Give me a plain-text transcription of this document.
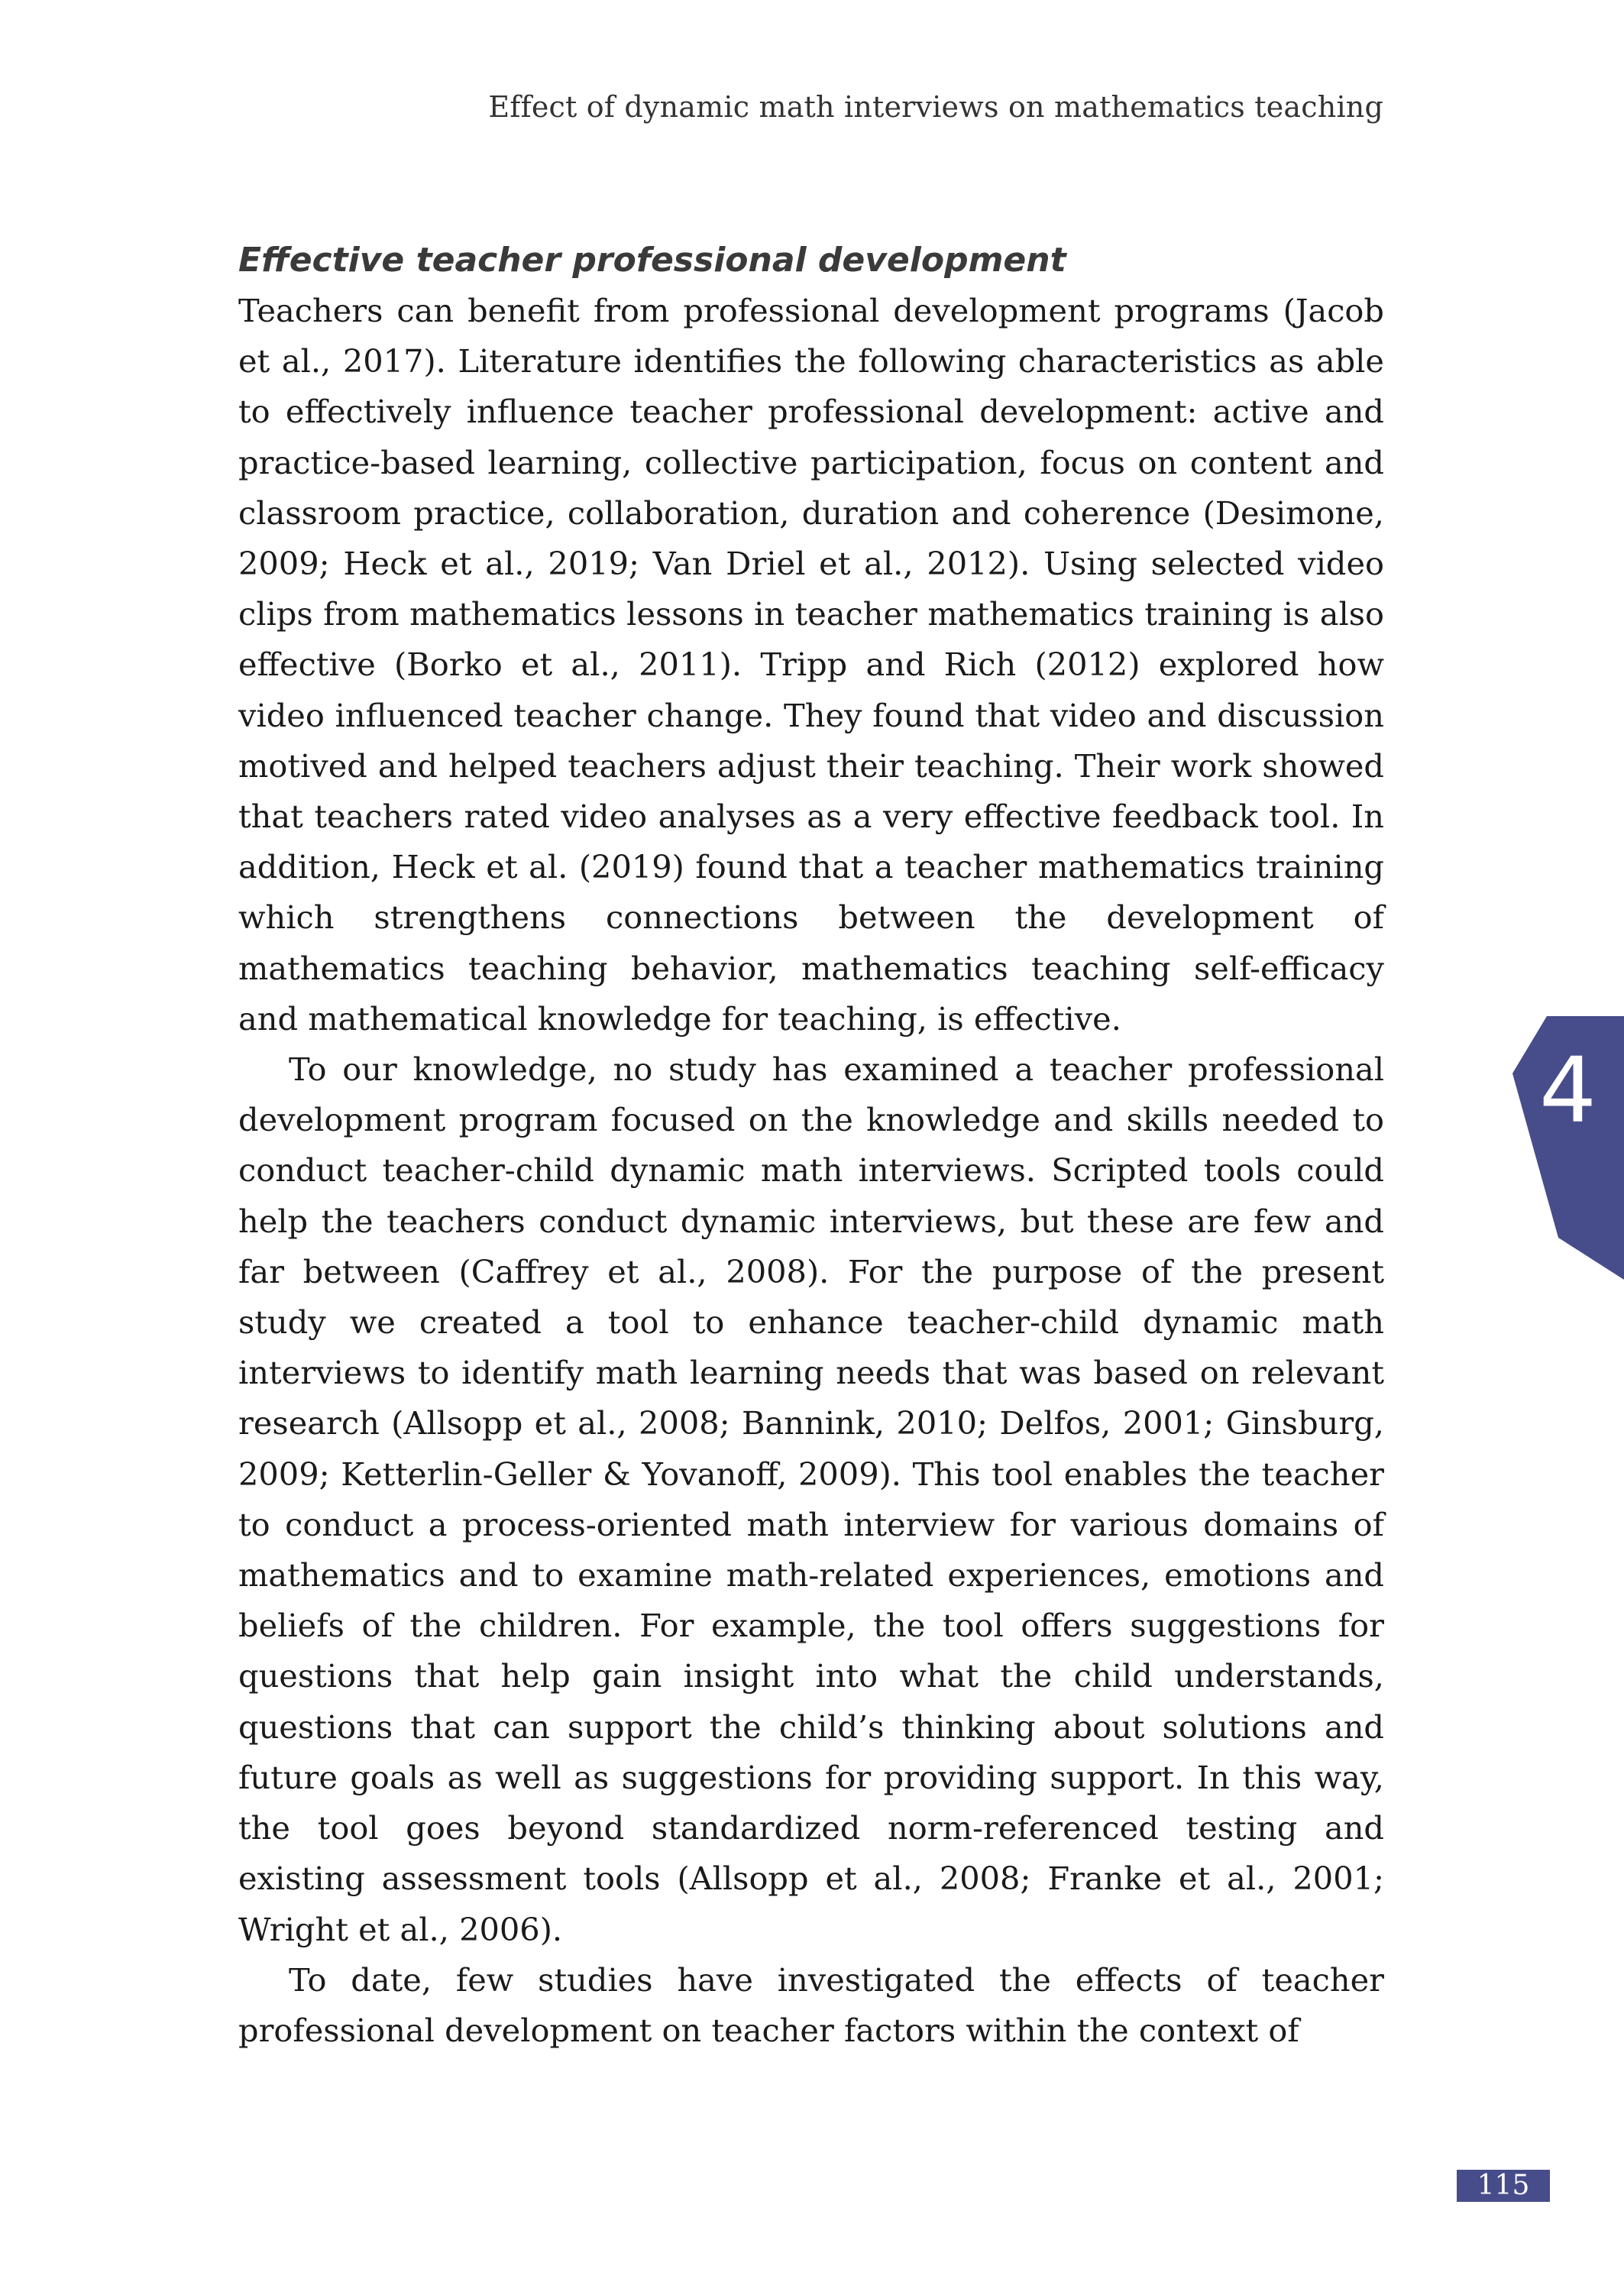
Effect of dynamic math interviews on mathematics teaching
Effective teacher professional development

Teachers can benefit from professional development programs (Jacob et al., 2017). Literature identifies the following characteristics as able to effectively influence teacher professional development: active and practice-based learning, collective participation, focus on content and classroom practice, collaboration, duration and coherence (Desimone, 2009; Heck et al., 2019; Van Driel et al., 2012). Using selected video clips from mathematics lessons in teacher mathematics training is also effective (Borko et al., 2011). Tripp and Rich (2012) explored how video influenced teacher change. They found that video and discussion motived and helped teachers adjust their teaching. Their work showed that teachers rated video analyses as a very effective feedback tool. In addition, Heck et al. (2019) found that a teacher mathematics training which strengthens connections between the development of mathematics teaching behavior, mathematics teaching self-efficacy and mathematical knowledge for teaching, is effective.

To our knowledge, no study has examined a teacher professional development program focused on the knowledge and skills needed to conduct teacher-child dynamic math interviews. Scripted tools could help the teachers conduct dynamic interviews, but these are few and far between (Caffrey et al., 2008). For the purpose of the present study we created a tool to enhance teacher-child dynamic math interviews to identify math learning needs that was based on relevant research (Allsopp et al., 2008; Bannink, 2010; Delfos, 2001; Ginsburg, 2009; Ketterlin-Geller & Yovanoff, 2009). This tool enables the teacher to conduct a process-oriented math interview for various domains of mathematics and to examine math-related experiences, emotions and beliefs of the children. For example, the tool offers suggestions for questions that help gain insight into what the child understands, questions that can support the child’s thinking about solutions and future goals as well as suggestions for providing support. In this way, the tool goes beyond standardized norm-referenced testing and existing assessment tools (Allsopp et al., 2008; Franke et al., 2001; Wright et al., 2006).

To date, few studies have investigated the effects of teacher professional development on teacher factors within the context of

4
115
